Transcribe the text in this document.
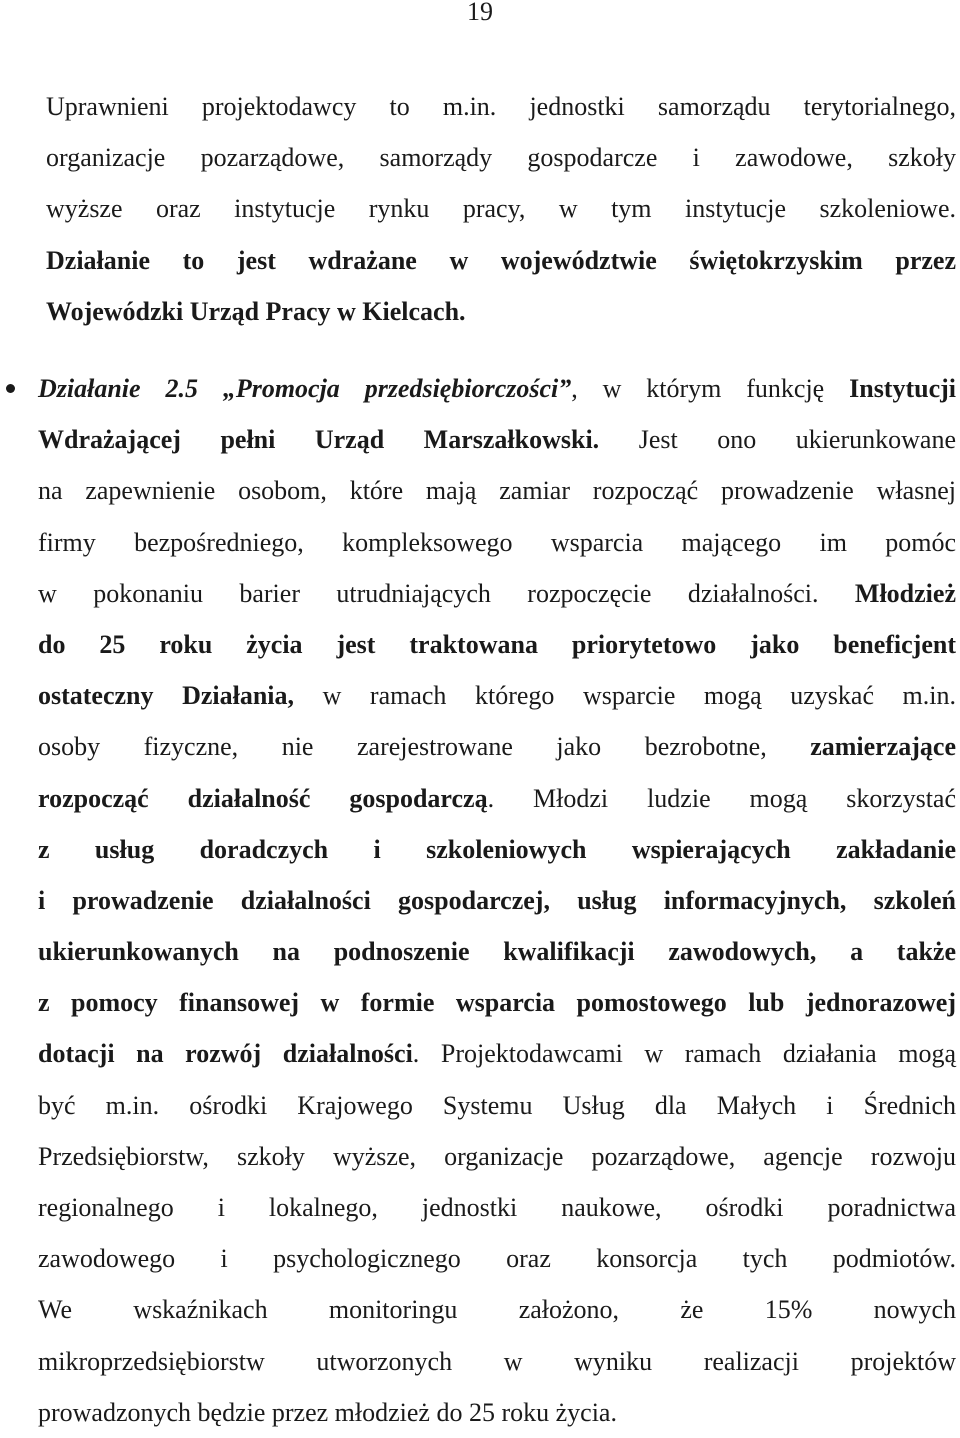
19
Uprawnieni projektodawcy to m.in. jednostki samorządu terytorialnego,
organizacje pozarządowe, samorządy gospodarcze i zawodowe, szkoły
wyższe oraz instytucje rynku pracy, w tym instytucje szkoleniowe.
Działanie to jest wdrażane w województwie świętokrzyskim przez
Wojewódzki Urząd Pracy w Kielcach.
Działanie 2.5 „Promocja przedsiębiorczości”, w którym funkcję Instytucji
Wdrażającej pełni Urząd Marszałkowski. Jest ono ukierunkowane
na zapewnienie osobom, które mają zamiar rozpocząć prowadzenie własnej
firmy bezpośredniego, kompleksowego wsparcia mającego im pomóc
w pokonaniu barier utrudniających rozpoczęcie działalności. Młodzież
do 25 roku życia jest traktowana priorytetowo jako beneficjent
ostateczny Działania, w ramach którego wsparcie mogą uzyskać m.in.
osoby fizyczne, nie zarejestrowane jako bezrobotne, zamierzające
rozpocząć działalność gospodarczą. Młodzi ludzie mogą skorzystać
z usług doradczych i szkoleniowych wspierających zakładanie
i prowadzenie działalności gospodarczej, usług informacyjnych, szkoleń
ukierunkowanych na podnoszenie kwalifikacji zawodowych, a także
z pomocy finansowej w formie wsparcia pomostowego lub jednorazowej
dotacji na rozwój działalności. Projektodawcami w ramach działania mogą
być m.in. ośrodki Krajowego Systemu Usług dla Małych i Średnich
Przedsiębiorstw, szkoły wyższe, organizacje pozarządowe, agencje rozwoju
regionalnego i lokalnego, jednostki naukowe, ośrodki poradnictwa
zawodowego i psychologicznego oraz konsorcja tych podmiotów.
We wskaźnikach monitoringu założono, że 15% nowych
mikroprzedsiębiorstw utworzonych w wyniku realizacji projektów
prowadzonych będzie przez młodzież do 25 roku życia.
